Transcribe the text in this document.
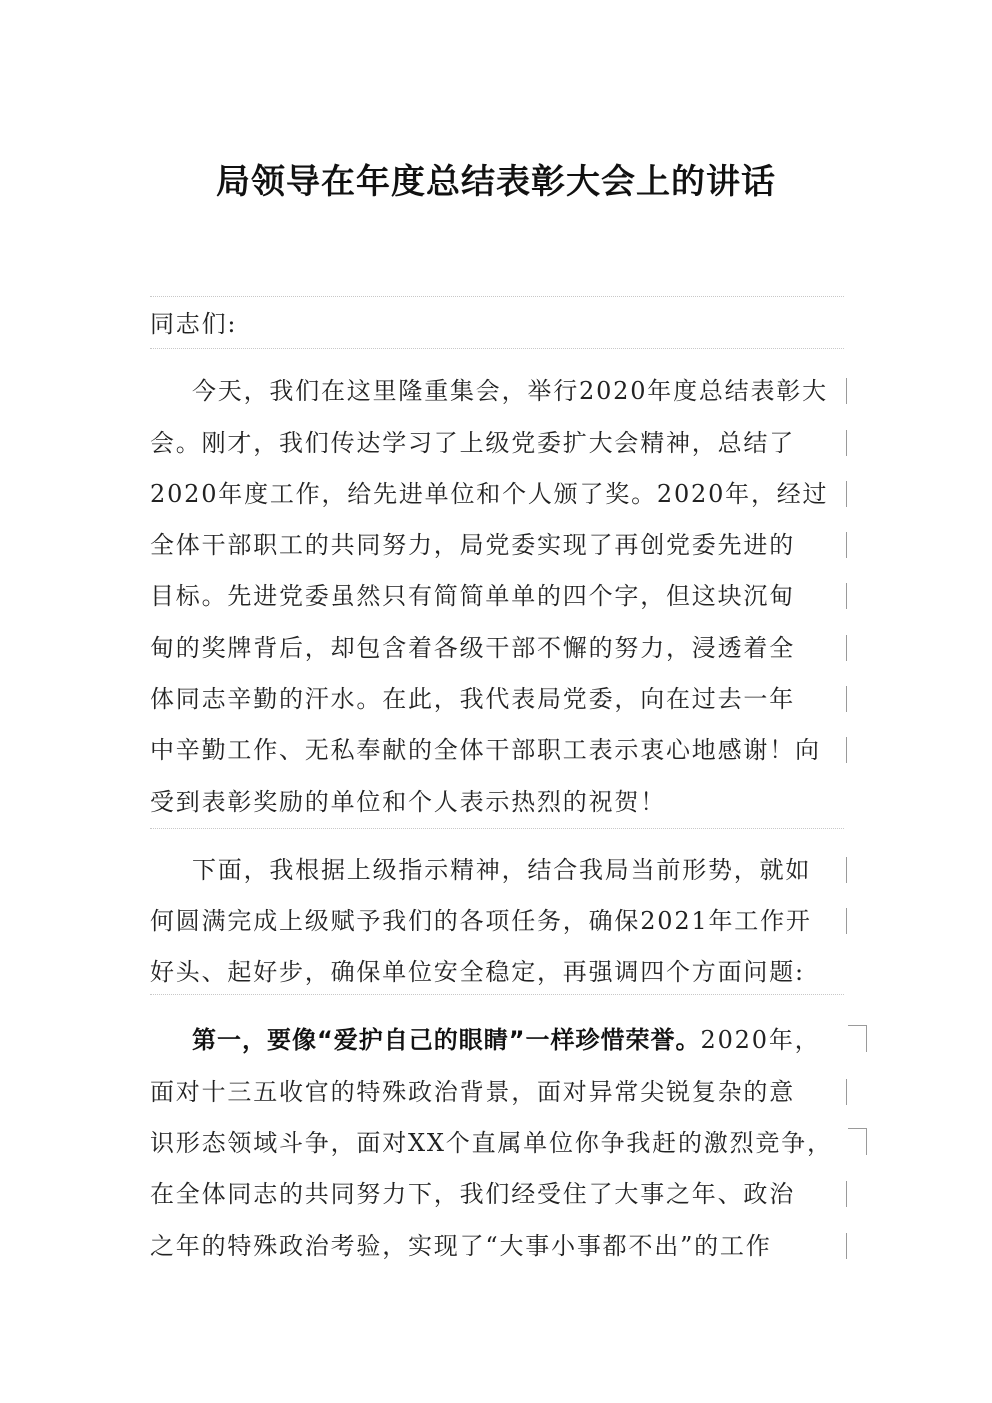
局领导在年度总结表彰大会上的讲话

同志们:

今天，我们在这里隆重集会，举行2020年度总结表彰大

会。刚才，我们传达学习了上级党委扩大会精神，总结了

2020年度工作，给先进单位和个人颁了奖。2020年，经过

全体干部职工的共同努力，局党委实现了再创党委先进的

目标。先进党委虽然只有简简单单的四个字，但这块沉甸

甸的奖牌背后，却包含着各级干部不懈的努力，浸透着全

体同志辛勤的汗水。在此，我代表局党委，向在过去一年

中辛勤工作、无私奉献的全体干部职工表示衷心地感谢！向

受到表彰奖励的单位和个人表示热烈的祝贺！

下面，我根据上级指示精神，结合我局当前形势，就如

何圆满完成上级赋予我们的各项任务，确保2021年工作开

好头、起好步，确保单位安全稳定，再强调四个方面问题:

第一，要像“爱护自己的眼睛”一样珍惜荣誉。2020年，

面对十三五收官的特殊政治背景，面对异常尖锐复杂的意

识形态领域斗争，面对XX个直属单位你争我赶的激烈竞争，

在全体同志的共同努力下，我们经受住了大事之年、政治

之年的特殊政治考验，实现了“大事小事都不出”的工作
